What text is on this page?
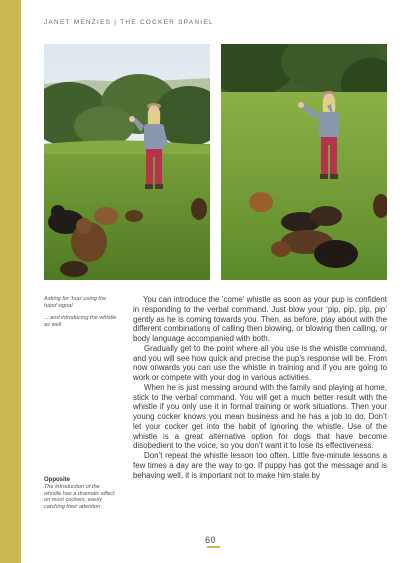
JANET MENZIES | THE COCKER SPANIEL
Asking for ‘hup’ using the hand signal
... and introducing the whistle as well
Opposite
The introduction of the whistle has a dramatic effect on most cockers, easily catching their attention

You can introduce the ‘come’ whistle as soon as your pup is confident in responding to the verbal command. Just blow your ‘pip, pip, pip, pip’ gently as he is coming towards you. Then, as before, play about with the different combinations of calling then blowing, or blowing then calling, or body language accompanied with both.

Gradually get to the point where all you use is the whistle command, and you will see how quick and precise the pup’s response will be. From now onwards you can use the whistle in training and if you are going to work or compete with your dog in various activities.

When he is just messing around with the family and playing at home, stick to the verbal command. You will get a much better result with the whistle if you only use it in formal training or work situations. Then your young cocker knows you mean business and he has a job to do. Don’t let your cocker get into the habit of ignoring the whistle. Use of the whistle is a great alternative option for dogs that have become disobedient to the voice, so you don’t want it to lose its effectiveness.

Don’t repeat the whistle lesson too often. Little five-minute lessons a few times a day are the way to go. If puppy has got the message and is behaving well, it is important not to make him stale by

60
